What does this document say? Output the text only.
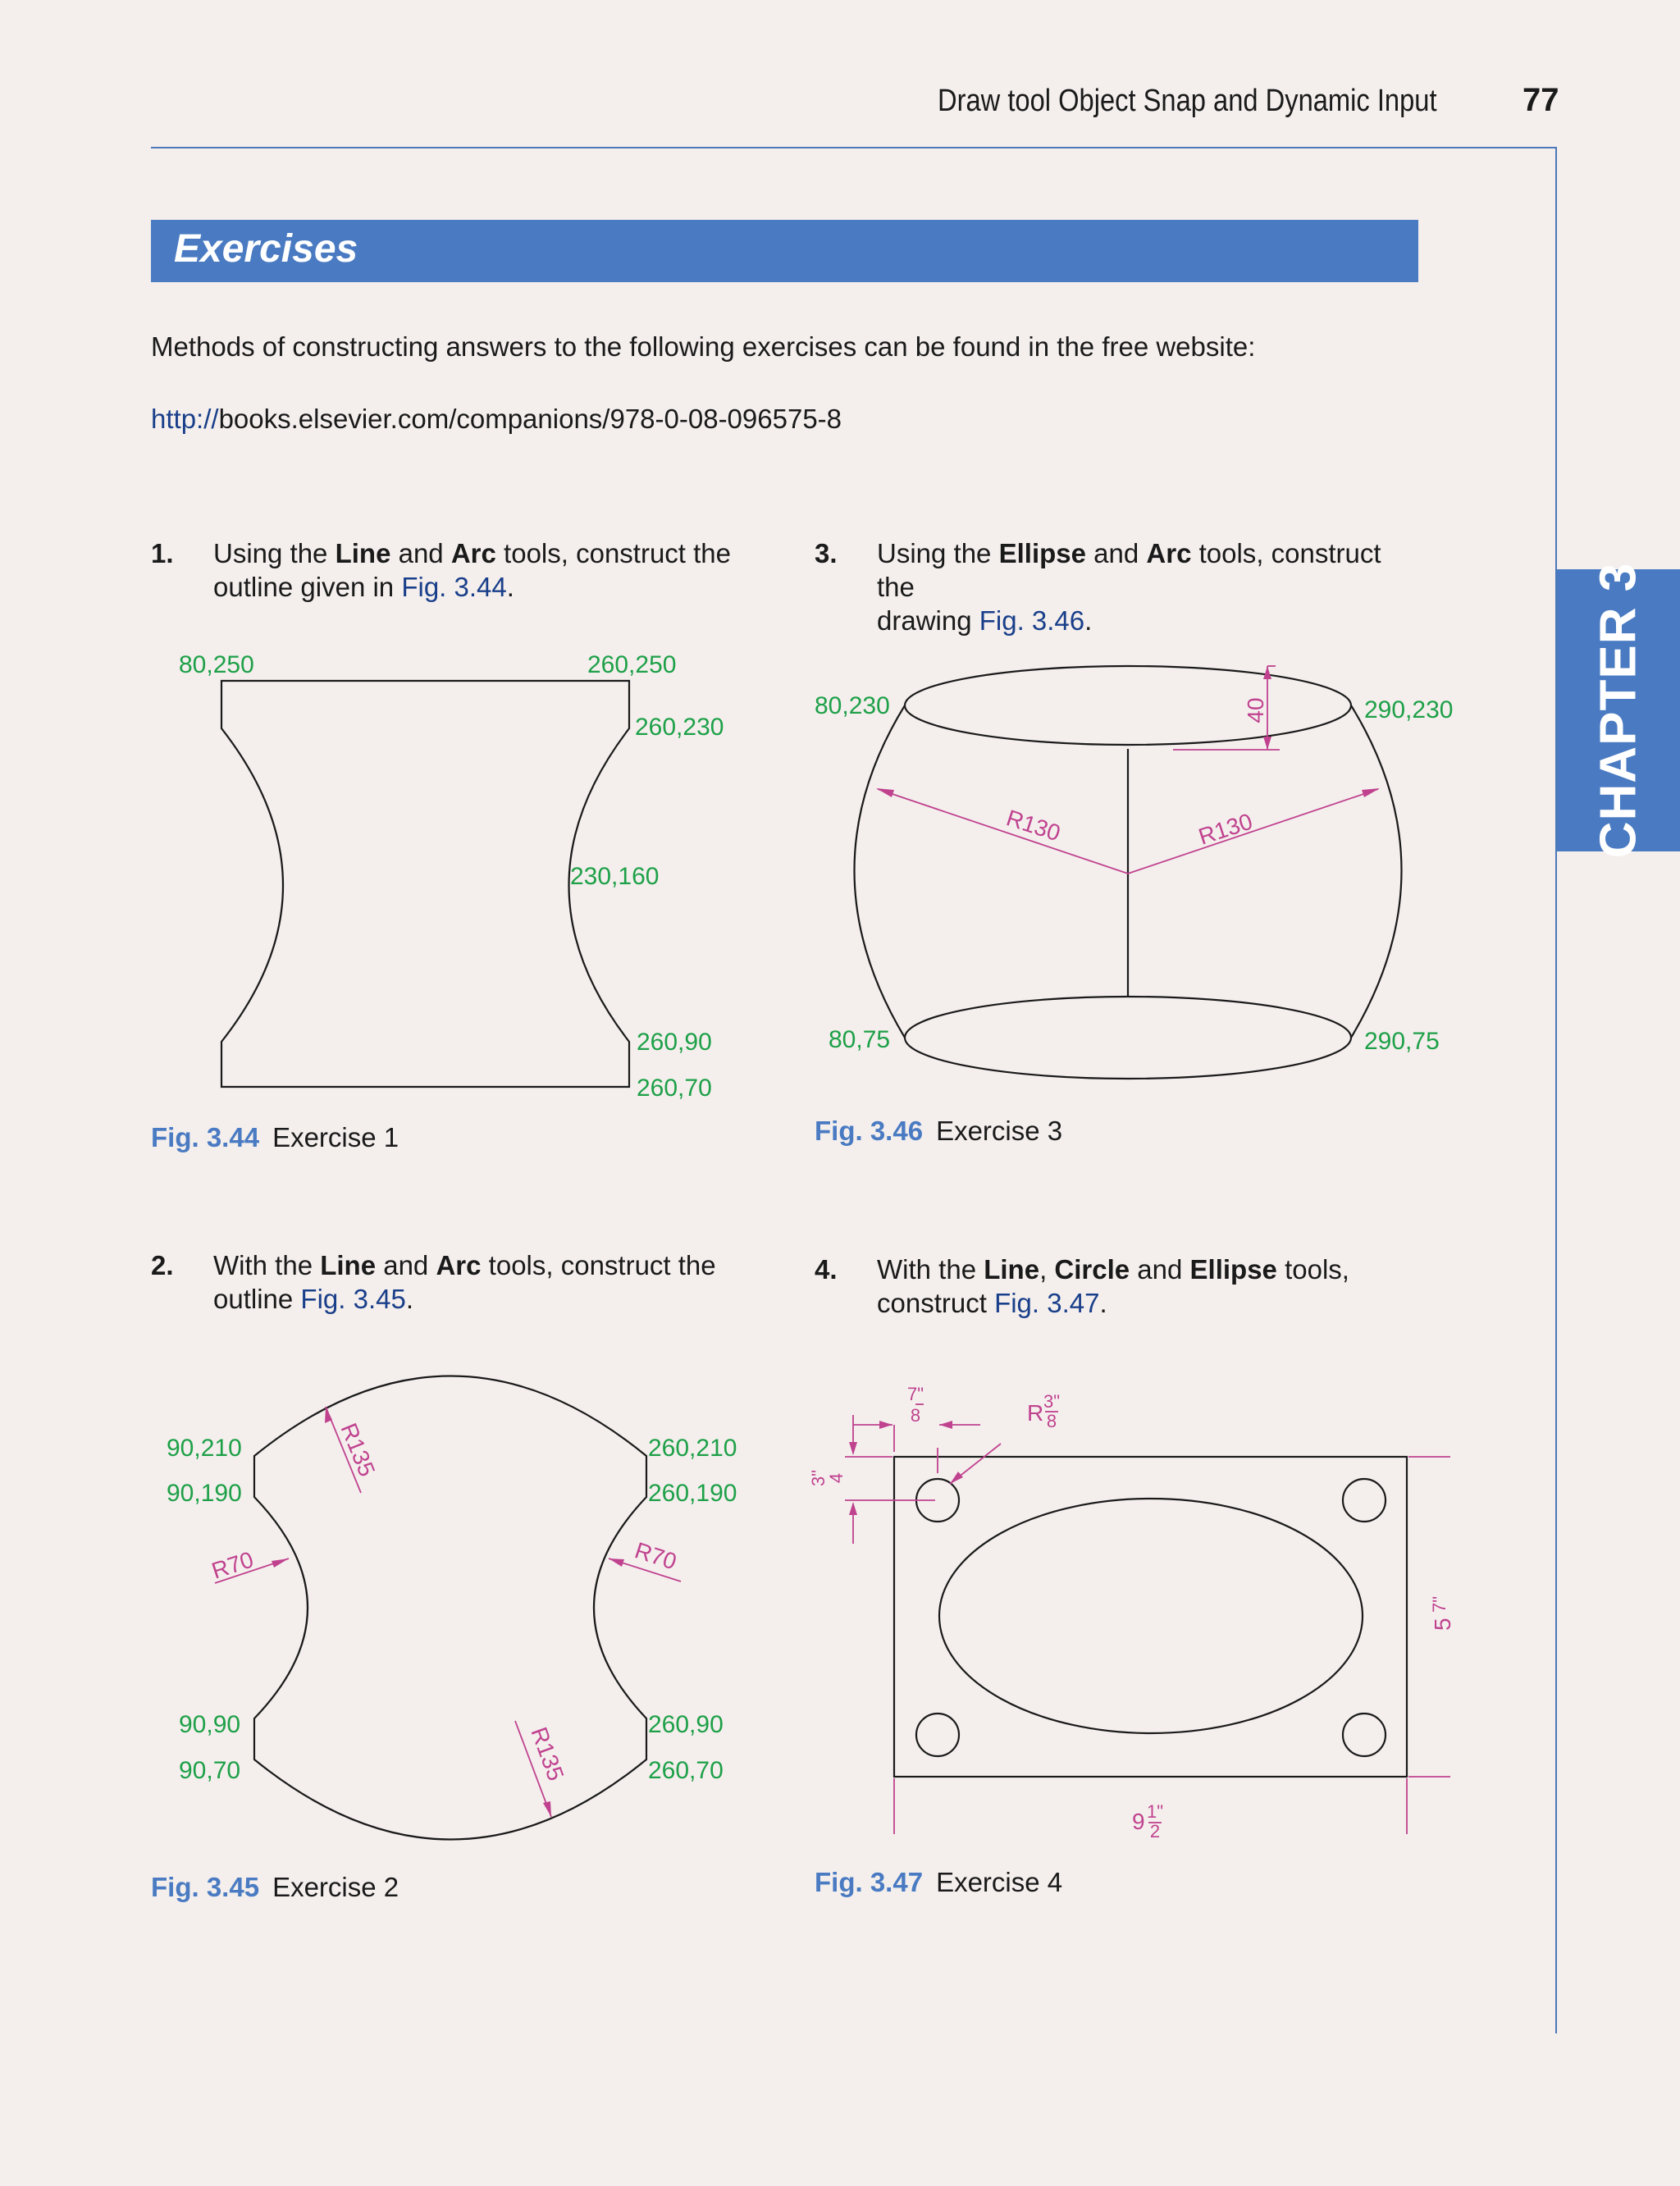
Draw tool Object Snap and Dynamic Input	77
CHAPTER 3
Exercises
Methods of constructing answers to the following exercises can be found in the free website:
http://books.elsevier.com/companions/978-0-08-096575-8
1. Using the Line and Arc tools, construct the
outline given in Fig. 3.44.
3. Using the Ellipse and Arc tools, construct the
drawing Fig. 3.46.
2. With the Line and Arc tools, construct the
outline Fig. 3.45.
4. With the Line, Circle and Ellipse tools,
construct Fig. 3.47.
Fig. 3.44 Exercise 1	Fig. 3.46 Exercise 3
Fig. 3.45 Exercise 2	Fig. 3.47 Exercise 4
80,250	260,250
260,230
230,160
260,90
260,70
40
R130	R130
80,230	290,230
80,75	290,75
R135
R70	R70
R135
90,210
90,190
260,210
260,190
90,90
90,70
260,90
260,70
7"
8	R 3"
8
3"
4
5
7"
9 1"
2
